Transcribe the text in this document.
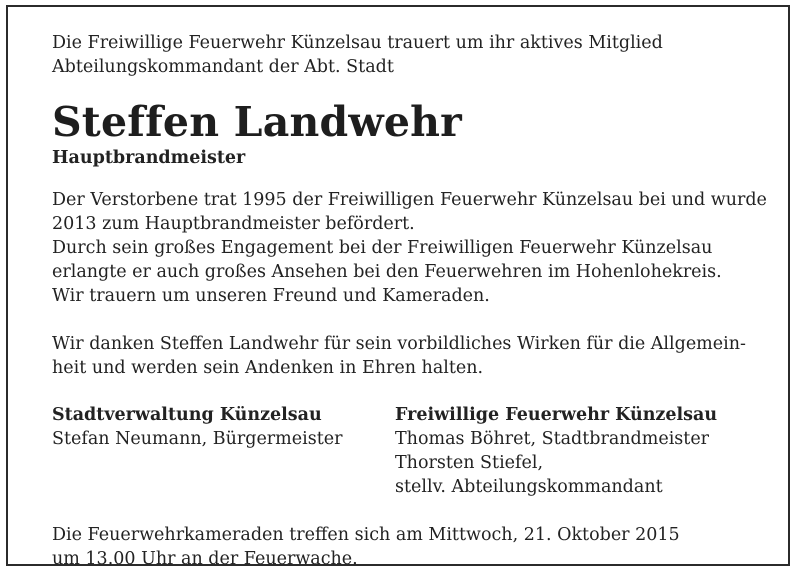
Die Freiwillige Feuerwehr Künzelsau trauert um ihr aktives Mitglied

Abteilungskommandant der Abt. Stadt

Steffen Landwehr

Hauptbrandmeister

Der Verstorbene trat 1995 der Freiwilligen Feuerwehr Künzelsau bei und wurde

2013 zum Hauptbrandmeister befördert.

Durch sein großes Engagement bei der Freiwilligen Feuerwehr Künzelsau

erlangte er auch großes Ansehen bei den Feuerwehren im Hohenlohekreis.

Wir trauern um unseren Freund und Kameraden.

Wir danken Steffen Landwehr für sein vorbildliches Wirken für die Allgemein-

heit und werden sein Andenken in Ehren halten.

Stadtverwaltung Künzelsau

Stefan Neumann, Bürgermeister

Freiwillige Feuerwehr Künzelsau

Thomas Böhret, Stadtbrandmeister

Thorsten Stiefel,

stellv. Abteilungskommandant

Die Feuerwehrkameraden treffen sich am Mittwoch, 21. Oktober 2015

um 13.00 Uhr an der Feuerwache.
